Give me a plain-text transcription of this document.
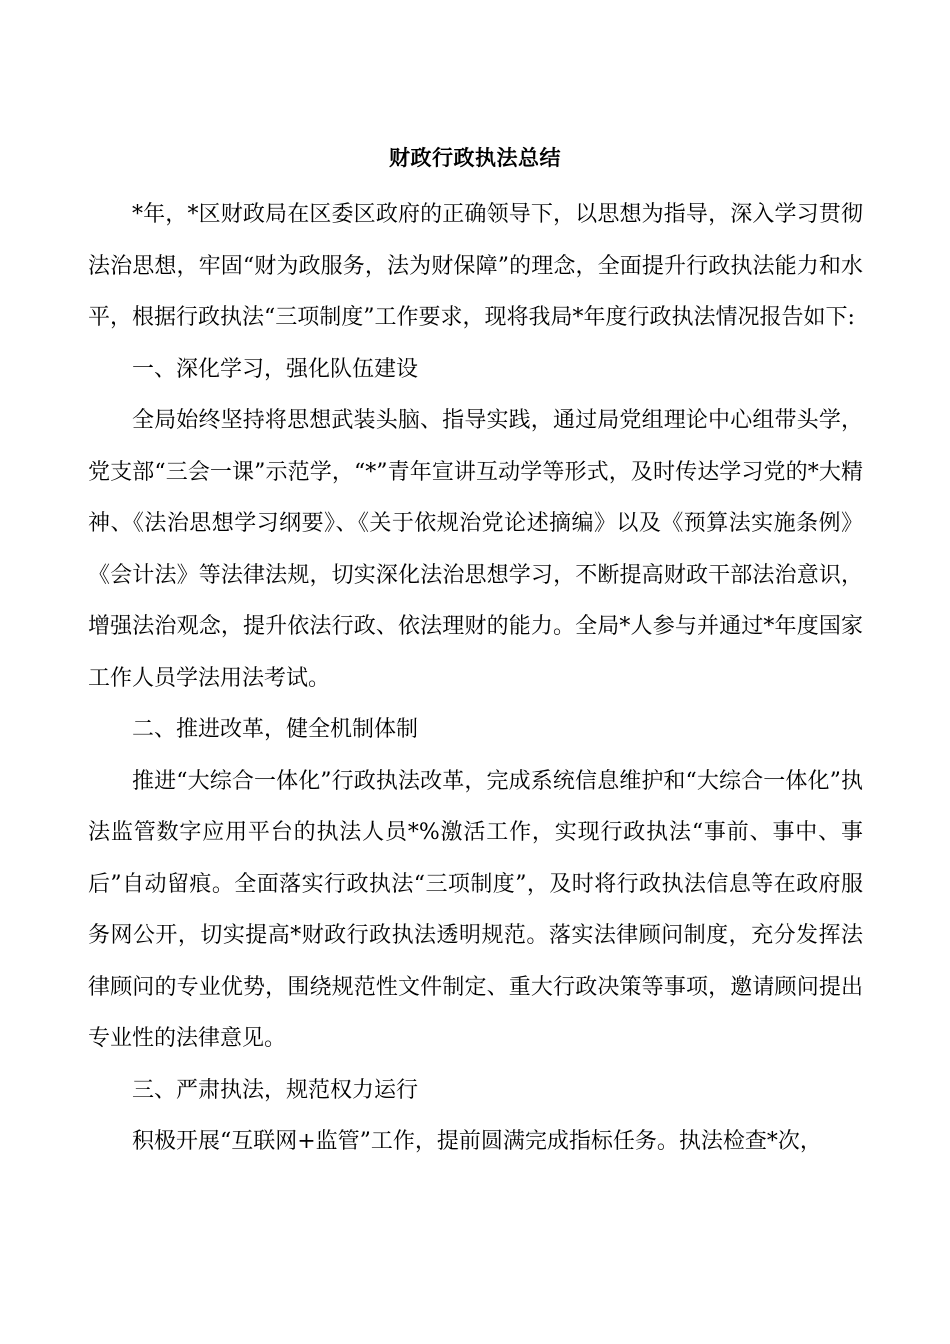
财政行政执法总结

*年，*区财政局在区委区政府的正确领导下，以思想为指导，深入学习贯彻法治思想，牢固“财为政服务，法为财保障”的理念，全面提升行政执法能力和水平，根据行政执法“三项制度”工作要求，现将我局*年度行政执法情况报告如下:

一、深化学习，强化队伍建设

全局始终坚持将思想武装头脑、指导实践，通过局党组理论中心组带头学，党支部“三会一课”示范学，“*”青年宣讲互动学等形式，及时传达学习党的*大精神、《法治思想学习纲要》、《关于依规治党论述摘编》以及《预算法实施条例》《会计法》等法律法规，切实深化法治思想学习，不断提高财政干部法治意识，增强法治观念，提升依法行政、依法理财的能力。全局*人参与并通过*年度国家工作人员学法用法考试。

二、推进改革，健全机制体制

推进“大综合一体化”行政执法改革，完成系统信息维护和“大综合一体化”执法监管数字应用平台的执法人员*%激活工作，实现行政执法“事前、事中、事后”自动留痕。全面落实行政执法“三项制度”，及时将行政执法信息等在政府服务网公开，切实提高*财政行政执法透明规范。落实法律顾问制度，充分发挥法律顾问的专业优势，围绕规范性文件制定、重大行政决策等事项，邀请顾问提出专业性的法律意见。

三、严肃执法，规范权力运行

积极开展“互联网+监管”工作，提前圆满完成指标任务。执法检查*次，
